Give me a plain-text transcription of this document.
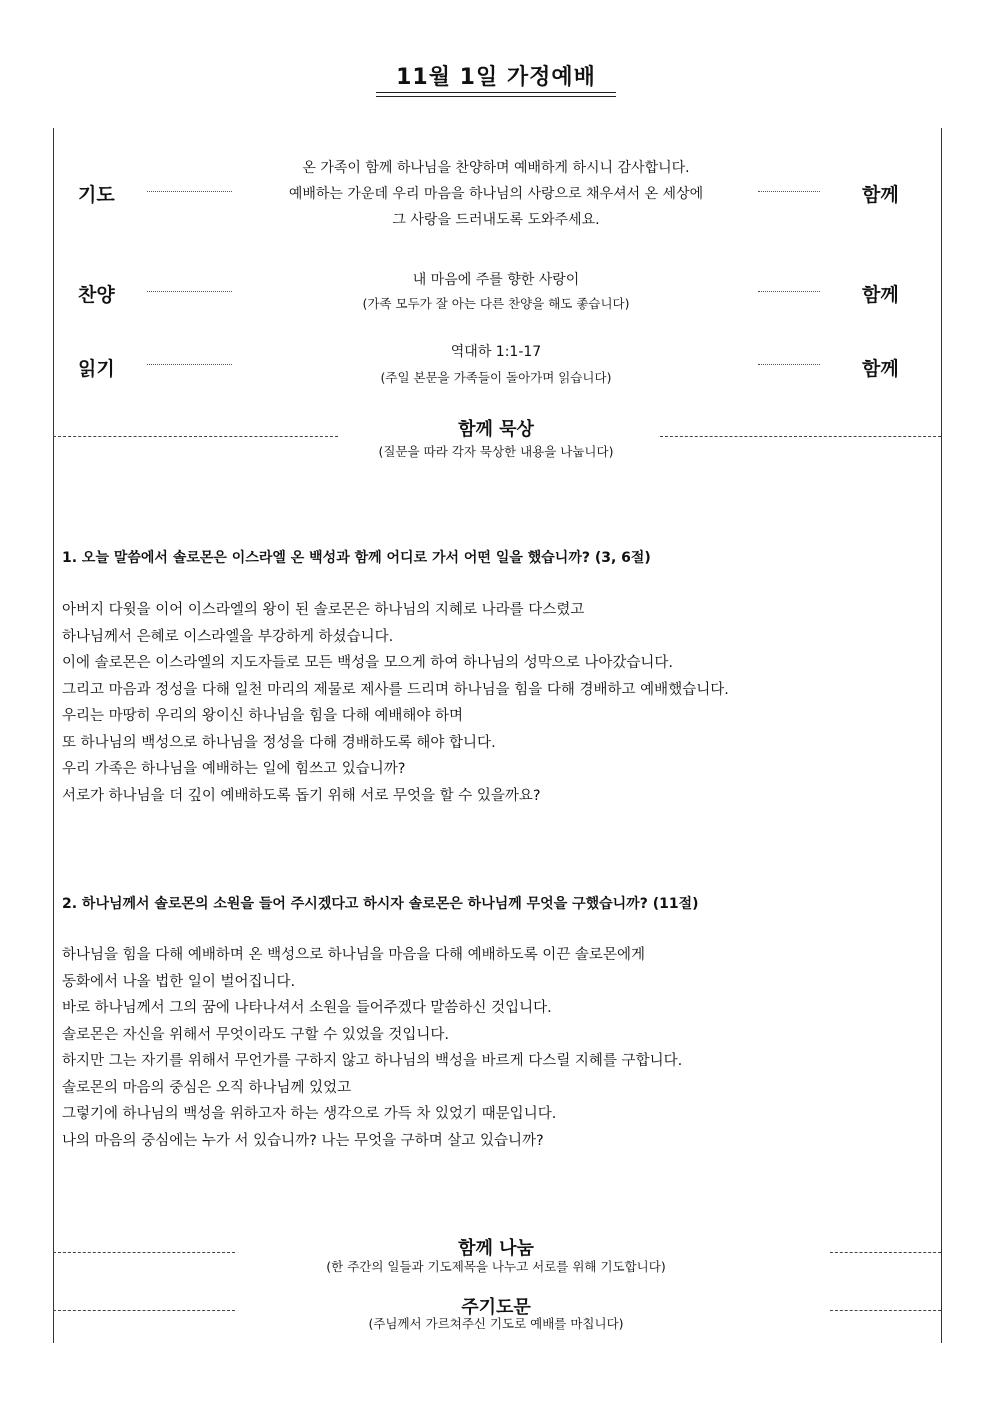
11월 1일 가정예배
기도
온 가족이 함께 하나님을 찬양하며 예배하게 하시니 감사합니다.
예배하는 가운데 우리 마음을 하나님의 사랑으로 채우셔서 온 세상에
그 사랑을 드러내도록 도와주세요.
함께
찬양
내 마음에 주를 향한 사랑이
(가족 모두가 잘 아는 다른 찬양을 해도 좋습니다)	함께
읽기
역대하 1:1-17
(주일 본문을 가족들이 돌아가며 읽습니다)	함께
함께 묵상
(질문을 따라 각자 묵상한 내용을 나눕니다)
1. 오늘 말씀에서 솔로몬은 이스라엘 온 백성과 함께 어디로 가서 어떤 일을 했습니까? (3, 6절)
아버지 다윗을 이어 이스라엘의 왕이 된 솔로몬은 하나님의 지혜로 나라를 다스렸고
하나님께서 은혜로 이스라엘을 부강하게 하셨습니다.
이에 솔로몬은 이스라엘의 지도자들로 모든 백성을 모으게 하여 하나님의 성막으로 나아갔습니다.
그리고 마음과 정성을 다해 일천 마리의 제물로 제사를 드리며 하나님을 힘을 다해 경배하고 예배했습니다.
우리는 마땅히 우리의 왕이신 하나님을 힘을 다해 예배해야 하며
또 하나님의 백성으로 하나님을 정성을 다해 경배하도록 해야 합니다.
우리 가족은 하나님을 예배하는 일에 힘쓰고 있습니까?
서로가 하나님을 더 깊이 예배하도록 돕기 위해 서로 무엇을 할 수 있을까요?
2. 하나님께서 솔로몬의 소원을 들어 주시겠다고 하시자 솔로몬은 하나님께 무엇을 구했습니까? (11절)
하나님을 힘을 다해 예배하며 온 백성으로 하나님을 마음을 다해 예배하도록 이끈 솔로몬에게
동화에서 나올 법한 일이 벌어집니다.
바로 하나님께서 그의 꿈에 나타나셔서 소원을 들어주겠다 말씀하신 것입니다.
솔로몬은 자신을 위해서 무엇이라도 구할 수 있었을 것입니다.
하지만 그는 자기를 위해서 무언가를 구하지 않고 하나님의 백성을 바르게 다스릴 지혜를 구합니다.
솔로몬의 마음의 중심은 오직 하나님께 있었고
그렇기에 하나님의 백성을 위하고자 하는 생각으로 가득 차 있었기 때문입니다.
나의 마음의 중심에는 누가 서 있습니까? 나는 무엇을 구하며 살고 있습니까?
함께 나눔
(한 주간의 일들과 기도제목을 나누고 서로를 위해 기도합니다)
주기도문
(주님께서 가르쳐주신 기도로 예배를 마칩니다)
